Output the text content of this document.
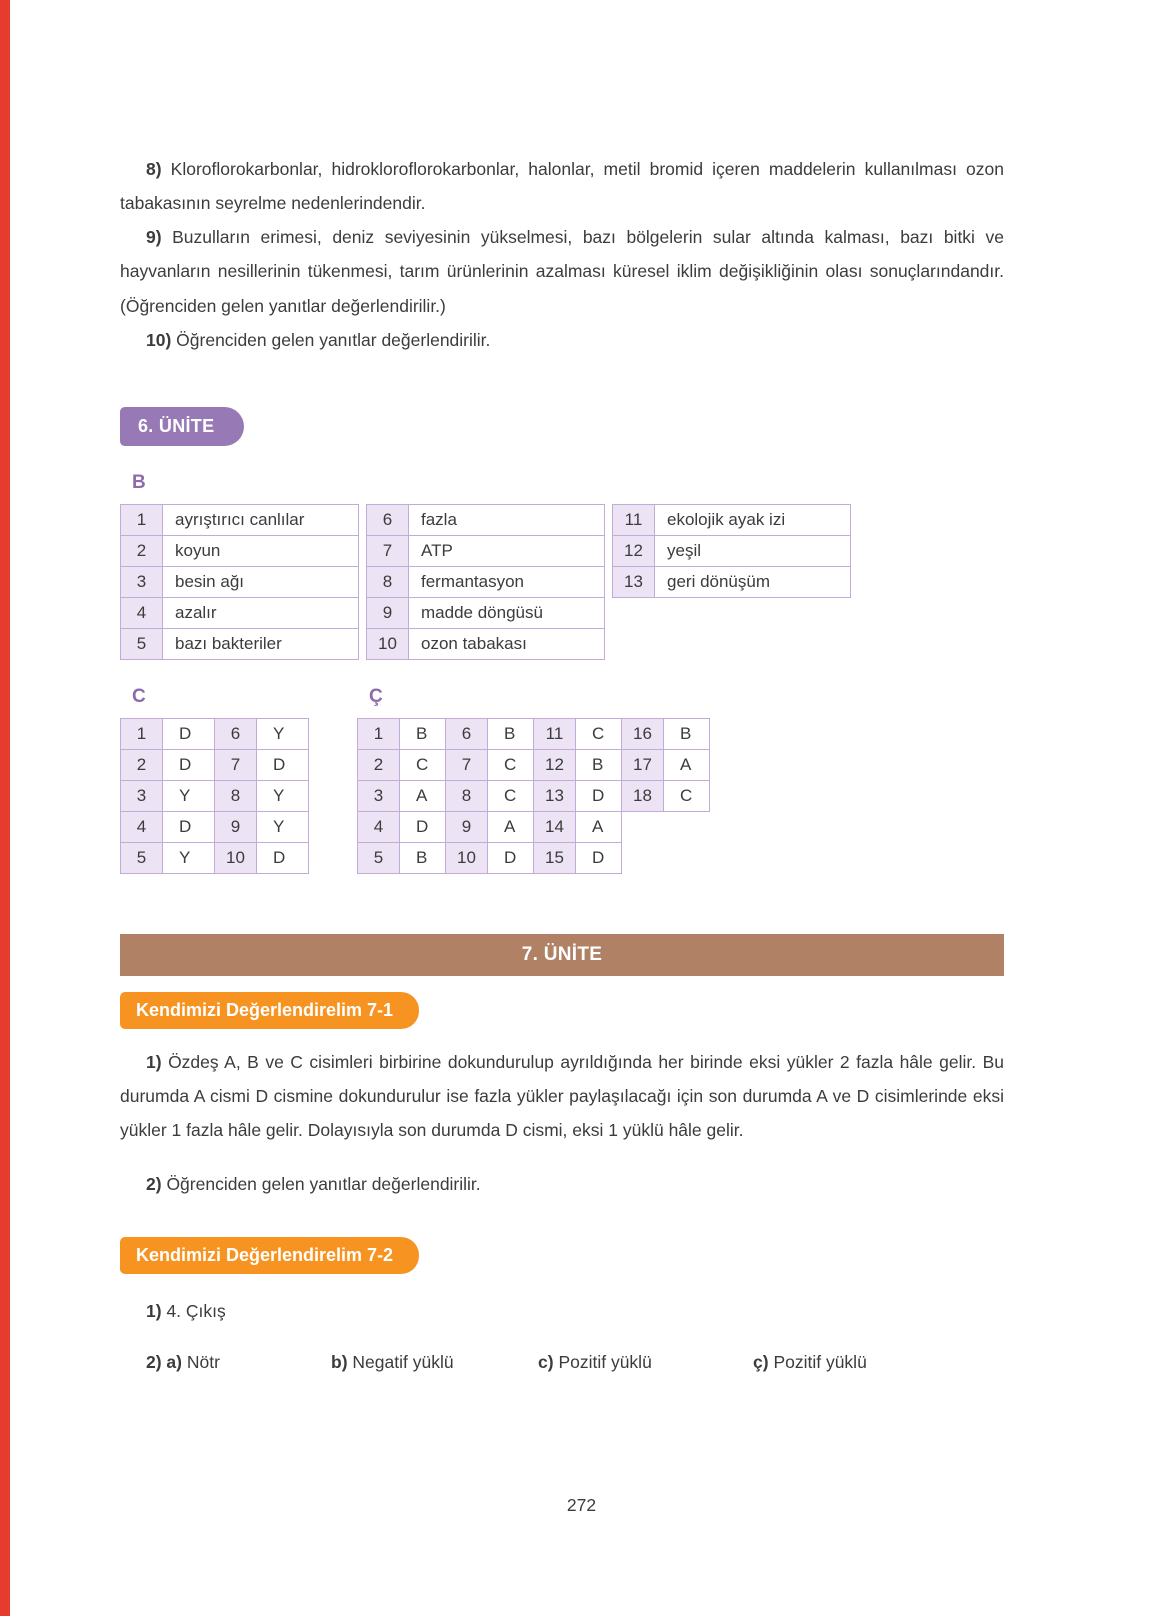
8) Kloroflorokarbonlar, hidrokloroflorokarbonlar, halonlar, metil bromid içeren maddelerin kullanılması ozon tabakasının seyrelme nedenlerindendir.

9) Buzulların erimesi, deniz seviyesinin yükselmesi, bazı bölgelerin sular altında kalması, bazı bitki ve hayvanların nesillerinin tükenmesi, tarım ürünlerinin azalması küresel iklim değişikliğinin olası sonuçlarındandır. (Öğrenciden gelen yanıtlar değerlendirilir.)

10) Öğrenciden gelen yanıtlar değerlendirilir.

6. ÜNİTE
B
1	ayrıştırıcı canlılar
2	koyun
3	besin ağı
4	azalır
5	bazı bakteriler
6	fazla
7	ATP
8	fermantasyon
9	madde döngüsü
10	ozon tabakası
11	ekolojik ayak izi
12	yeşil
13	geri dönüşüm
C
1	D
2	D
3	Y
4	D
5	Y
6	Y
7	D
8	Y
9	Y
10	D
Ç
1	B
2	C
3	A
4	D
5	B
6	B
7	C
8	C
9	A
10	D
11	C
12	B
13	D
14	A
15	D
16	B
17	A
18	C
7. ÜNİTE
Kendimizi Değerlendirelim 7-1

1) Özdeş A, B ve C cisimleri birbirine dokundurulup ayrıldığında her birinde eksi yükler 2 fazla hâle gelir. Bu durumda A cismi D cismine dokundurulur ise fazla yükler paylaşılacağı için son durumda A ve D cisimlerinde eksi yükler 1 fazla hâle gelir. Dolayısıyla son durumda D cismi, eksi 1 yüklü hâle gelir.

2) Öğrenciden gelen yanıtlar değerlendirilir.

Kendimizi Değerlendirelim 7-2

1) 4. Çıkış

2) a) Nötr	b) Negatif yüklü	c) Pozitif yüklü	ç) Pozitif yüklü
272
